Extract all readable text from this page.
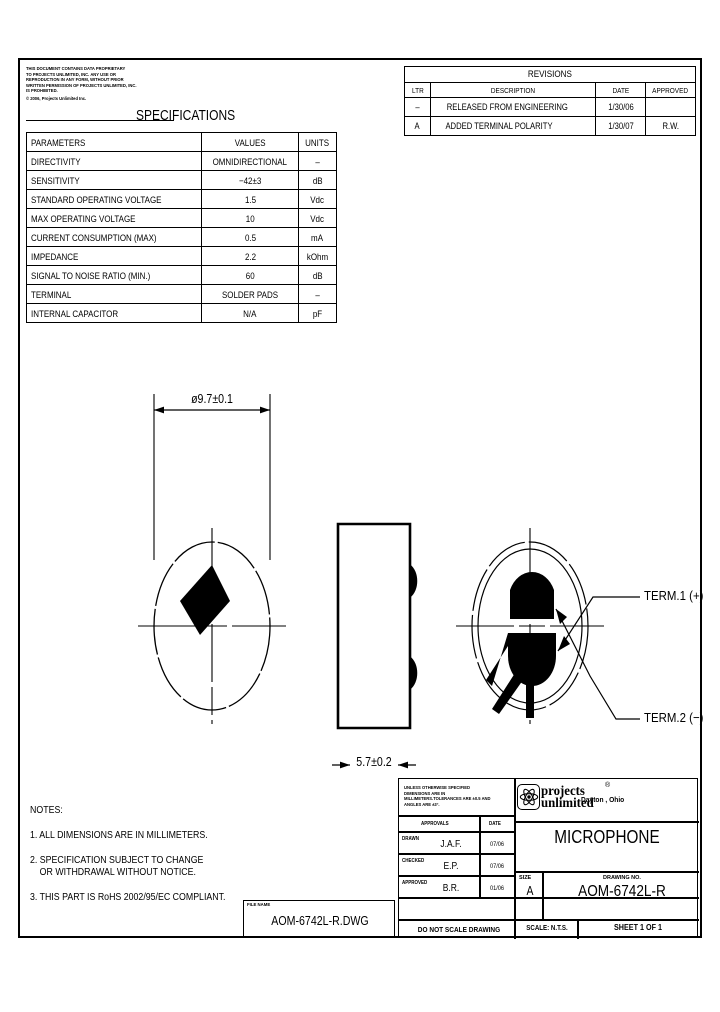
THIS DOCUMENT CONTAINS DATA PROPRIETARY
TO PROJECTS UNLIMITED, INC. ANY USE OR
REPRODUCTION IN ANY FORM, WITHOUT PRIOR
WRITTEN PERMISSION OF PROJECTS UNLIMITED, INC.
IS PROHIBITED.
© 2006, Projects Unlimited Inc.
SPECIFICATIONS
PARAMETERS	VALUES	UNITS
DIRECTIVITY	OMNIDIRECTIONAL	–
SENSITIVITY	−42±3	dB
STANDARD OPERATING VOLTAGE	1.5	Vdc
MAX OPERATING VOLTAGE	10	Vdc
CURRENT CONSUMPTION (MAX)	0.5	mA
IMPEDANCE	2.2	kOhm
SIGNAL TO NOISE RATIO (MIN.)	60	dB
TERMINAL	SOLDER PADS	–
INTERNAL CAPACITOR	N/A	pF
REVISIONS			
LTR	DESCRIPTION	DATE	APPROVED
–	RELEASED FROM ENGINEERING	1/30/06	
A	ADDED TERMINAL POLARITY	1/30/07	R.W.
ø9.7±0.1
5.7±0.2
TERM.1 (+)
TERM.2 (−)
NOTES:
1. ALL DIMENSIONS ARE IN MILLIMETERS.
2. SPECIFICATION SUBJECT TO CHANGE
OR WITHDRAWAL WITHOUT NOTICE.
3. THIS PART IS RoHS 2002/95/EC COMPLIANT.
FILE NAME
AOM-6742L-R.DWG
UNLESS OTHERWISE SPECIFIED
DIMENSIONS ARE IN
MILLIMETERS.TOLERANCES ARE ±0.5 AND
ANGLES ARE ±3°.
APPROVALS	DATE
DRAWN	J.A.F.	07/06
CHECKED	E.P.	07/06
APPROVED	B.R.	01/06
projects
unlimited
®
Dayton , Ohio
MICROPHONE
SIZE
A
DRAWING NO.
AOM-6742L-R
DO NOT SCALE DRAWING	SCALE: N.T.S.	SHEET 1 OF 1
